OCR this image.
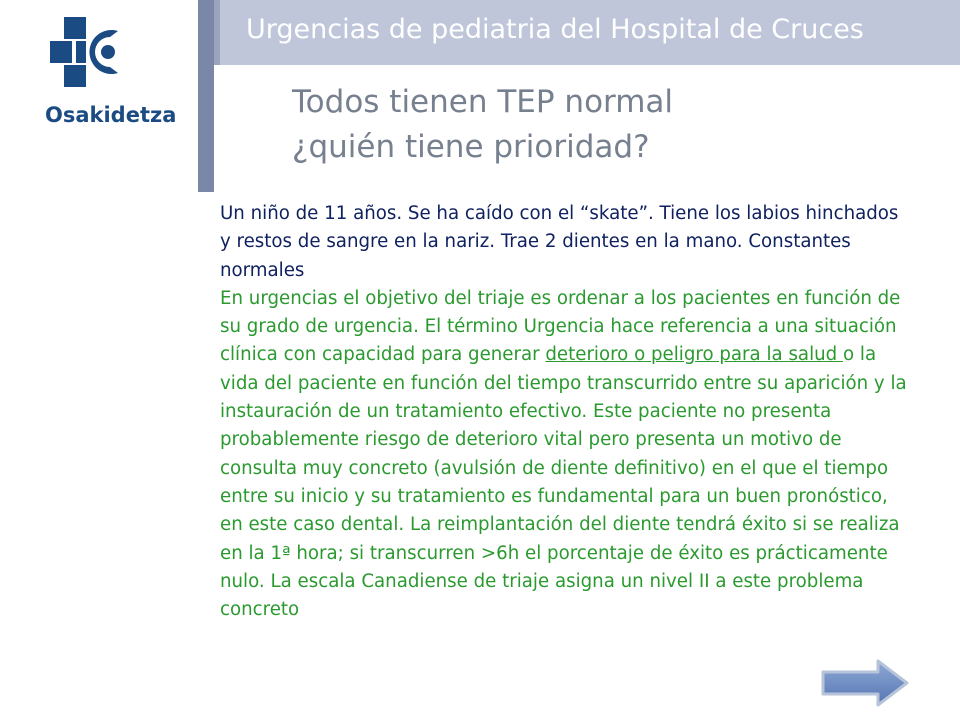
Osakidetza
Urgencias de pediatria del Hospital de Cruces
Todos tienen TEP normal
¿quién tiene prioridad?
Un niño de 11 años. Se ha caído con el “skate”. Tiene los labios hinchados y restos de sangre en la nariz. Trae 2 dientes en la mano. Constantes normales
En urgencias el objetivo del triaje es ordenar a los pacientes en función de su grado de urgencia. El término Urgencia hace referencia a una situación clínica con capacidad para generar deterioro o peligro para la salud o la vida del paciente en función del tiempo transcurrido entre su aparición y la instauración de un tratamiento efectivo. Este paciente no presenta probablemente riesgo de deterioro vital pero presenta un motivo de consulta muy concreto (avulsión de diente definitivo) en el que el tiempo entre su inicio y su tratamiento es fundamental para un buen pronóstico, en este caso dental. La reimplantación del diente tendrá éxito si se realiza en la 1ª hora; si transcurren >6h el porcentaje de éxito es prácticamente nulo. La escala Canadiense de triaje asigna un nivel II a este problema concreto
